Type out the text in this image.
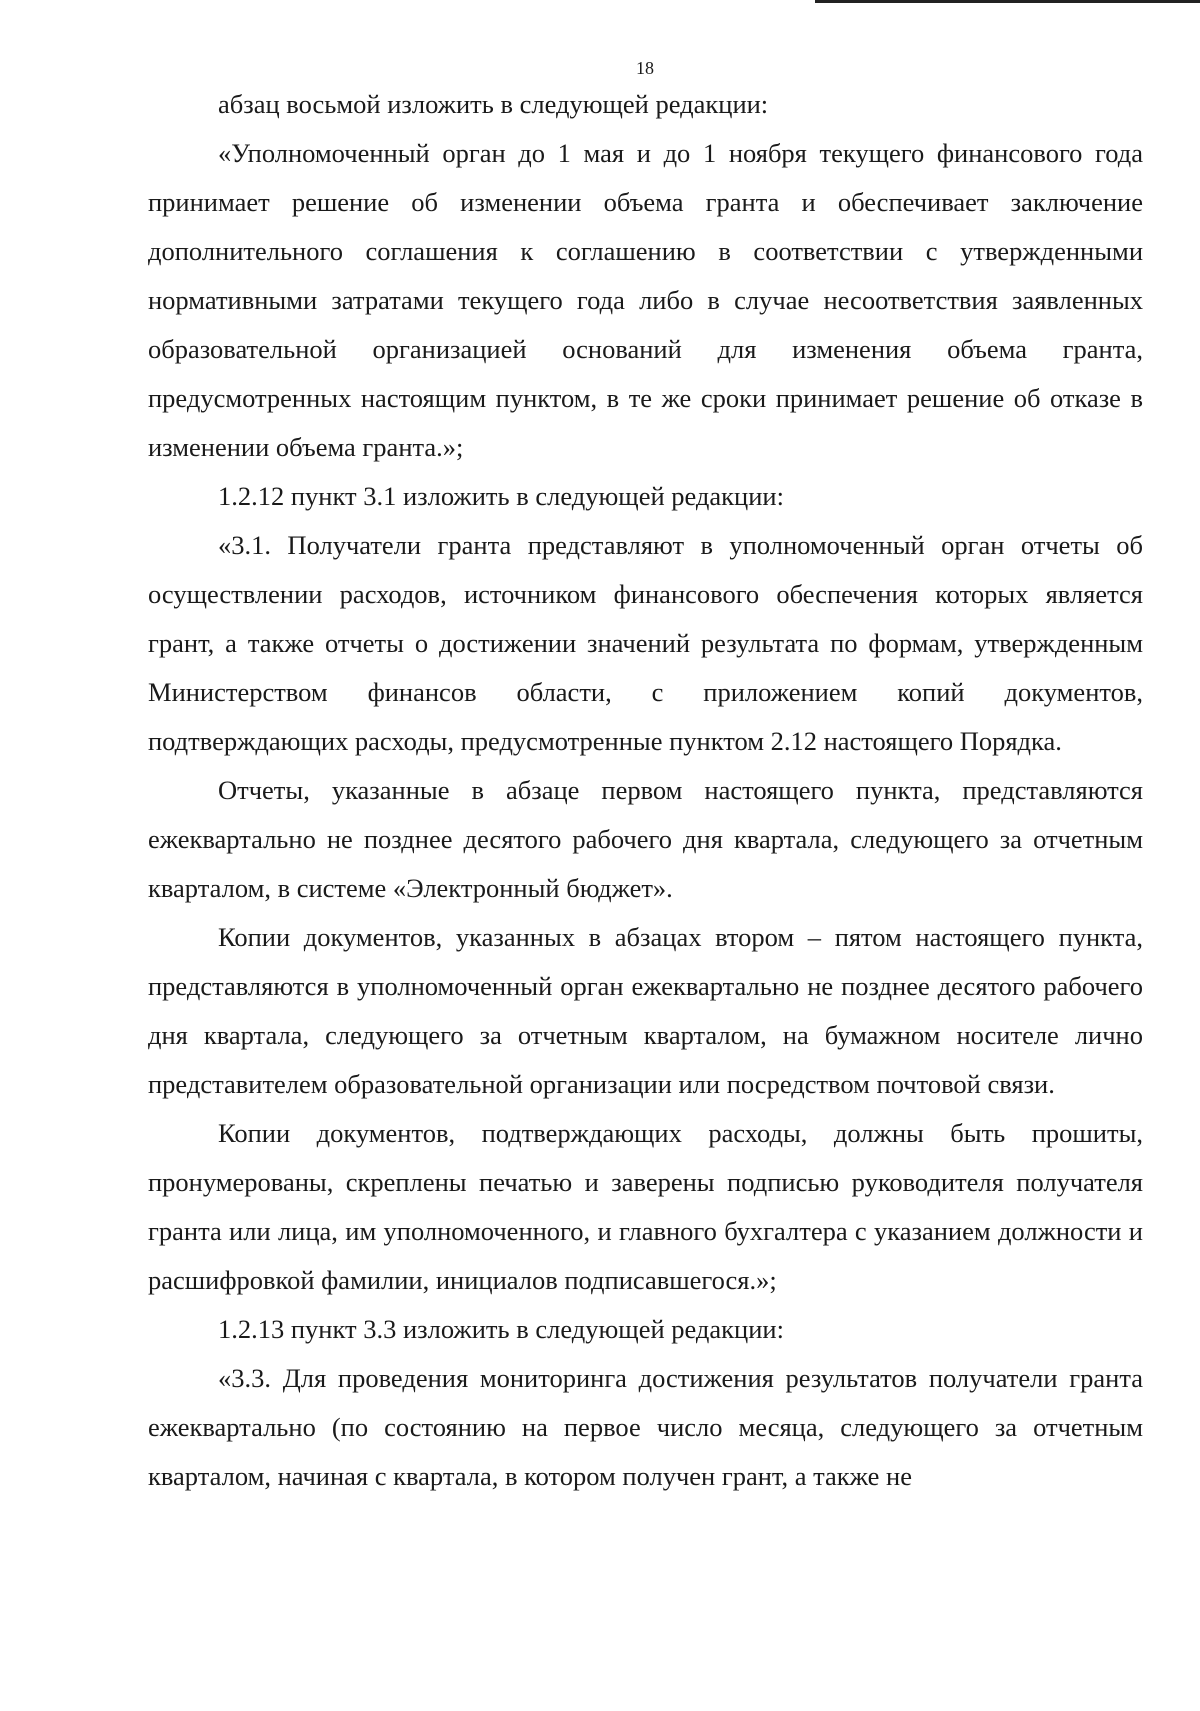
18

абзац восьмой изложить в следующей редакции:

«Уполномоченный орган до 1 мая и до 1 ноября текущего финансового года принимает решение об изменении объема гранта и обеспечивает заключение дополнительного соглашения к соглашению в соответствии с утвержденными нормативными затратами текущего года либо в случае несоответствия заявленных образовательной организацией оснований для изменения объема гранта, предусмотренных настоящим пунктом, в те же сроки принимает решение об отказе в изменении объема гранта.»;

1.2.12 пункт 3.1 изложить в следующей редакции:

«3.1. Получатели гранта представляют в уполномоченный орган отчеты об осуществлении расходов, источником финансового обеспечения которых является грант, а также отчеты о достижении значений результата по формам, утвержденным Министерством финансов области, с приложением копий документов, подтверждающих расходы, предусмотренные пунктом 2.12 настоящего Порядка.

Отчеты, указанные в абзаце первом настоящего пункта, представляются ежеквартально не позднее десятого рабочего дня квартала, следующего за отчетным кварталом, в системе «Электронный бюджет».

Копии документов, указанных в абзацах втором – пятом настоящего пункта, представляются в уполномоченный орган ежеквартально не позднее десятого рабочего дня квартала, следующего за отчетным кварталом, на бумажном носителе лично представителем образовательной организации или посредством почтовой связи.

Копии документов, подтверждающих расходы, должны быть прошиты, пронумерованы, скреплены печатью и заверены подписью руководителя получателя гранта или лица, им уполномоченного, и главного бухгалтера с указанием должности и расшифровкой фамилии, инициалов подписавшегося.»;

1.2.13 пункт 3.3 изложить в следующей редакции:

«3.3. Для проведения мониторинга достижения результатов получатели гранта ежеквартально (по состоянию на первое число месяца, следующего за отчетным кварталом, начиная с квартала, в котором получен грант, а также не
